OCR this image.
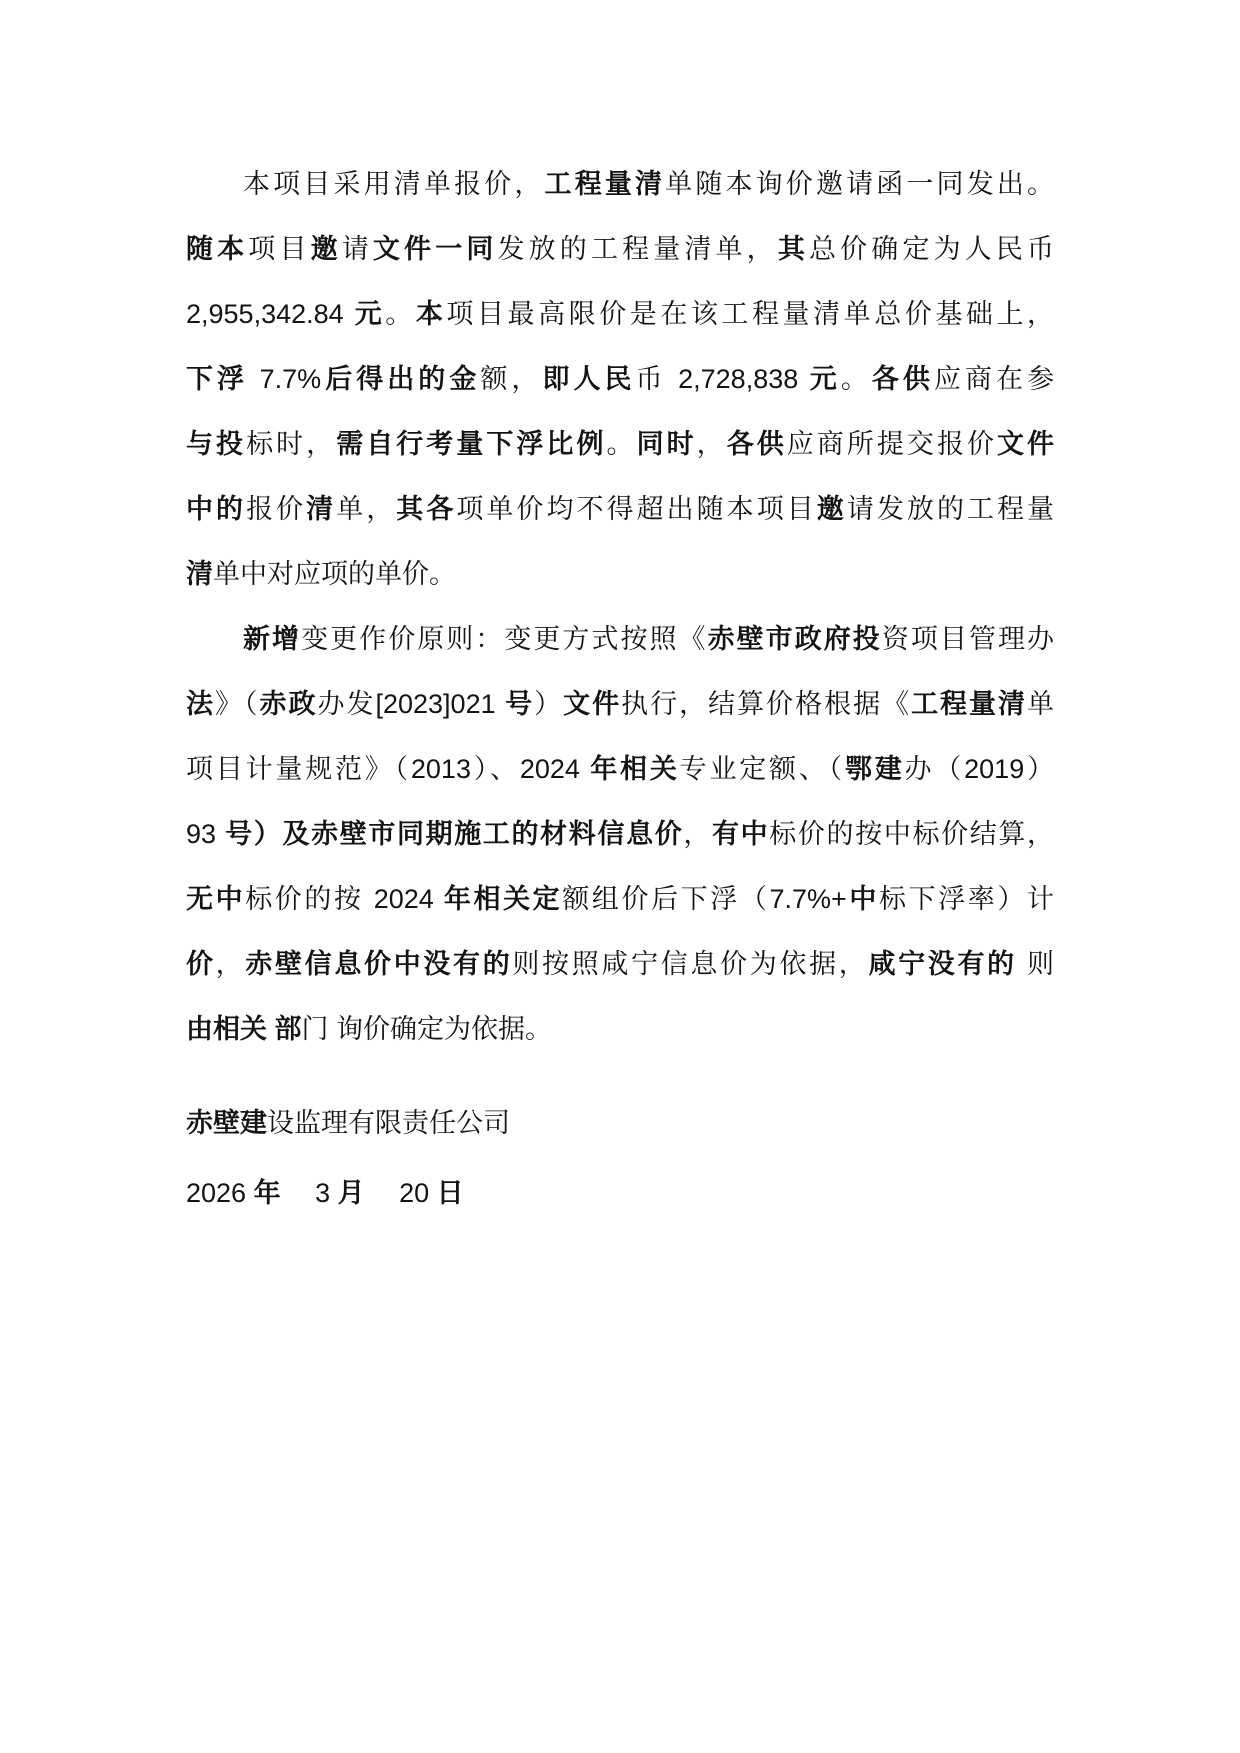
本项目采用清单报价，工程量清单随本询价邀请函一同发出。
随本项目邀请文件一同发放的工程量清单，其总价确定为人民币
2,955,342.84 元。本项目最高限价是在该工程量清单总价基础上，
下浮 7.7%后得出的金额，即人民币 2,728,838 元。各供应商在参
与投标时，需自行考量下浮比例。同时，各供应商所提交报价文件
中的报价清单，其各项单价均不得超出随本项目邀请发放的工程量
清单中对应项的单价。
新增变更作价原则：变更方式按照《赤壁市政府投资项目管理办
法》（赤政办发[2023]021 号）文件执行，结算价格根据《工程量清单
项目计量规范》（2013）、2024 年相关专业定额、（鄂建办（2019）
93 号）及赤壁市同期施工的材料信息价，有中标价的按中标价结算，
无中标价的按 2024 年相关定额组价后下浮（7.7%+中标下浮率）计
价，赤壁信息价中没有的则按照咸宁信息价为依据，咸宁没有的 则
由相关 部门 询价确定为依据。
赤壁建设监理有限责任公司
2026 年　 3 月　 20 日
